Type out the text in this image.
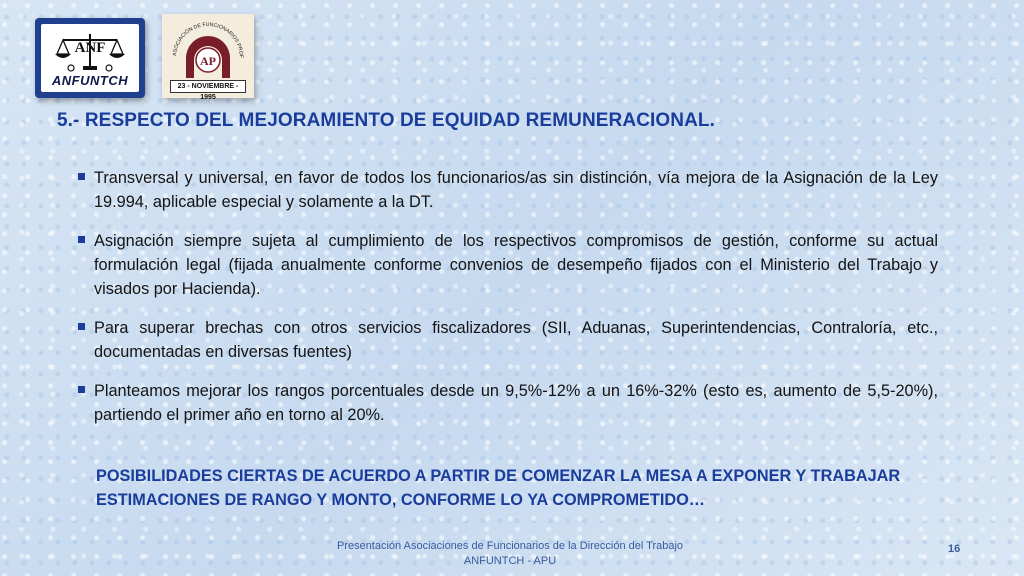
ANF
ANFUNTCH
AP
ASOCIACIÓN DE FUNCIONARIOS PROF
23 - NOVIEMBRE - 1995
5.- RESPECTO DEL MEJORAMIENTO DE EQUIDAD REMUNERACIONAL.
Transversal y universal, en favor de todos los funcionarios/as sin distinción, vía mejora de la Asignación de la Ley 19.994, aplicable especial y solamente a la DT.
Asignación siempre sujeta al cumplimiento de los respectivos compromisos de gestión, conforme su actual formulación legal (fijada anualmente conforme convenios de desempeño fijados con el Ministerio del Trabajo y visados por Hacienda).
Para superar brechas con otros servicios fiscalizadores (SII, Aduanas, Superintendencias, Contraloría, etc., documentadas en diversas fuentes)
Planteamos mejorar los rangos porcentuales desde un 9,5%-12% a un 16%-32% (esto es, aumento de 5,5-20%), partiendo el primer año en torno al 20%.
POSIBILIDADES CIERTAS DE ACUERDO A PARTIR DE COMENZAR LA MESA A EXPONER Y TRABAJAR ESTIMACIONES DE RANGO Y MONTO, CONFORME LO YA COMPROMETIDO…
Presentación Asociaciones de Funcionarios de la Dirección del Trabajo
ANFUNTCH - APU
16
